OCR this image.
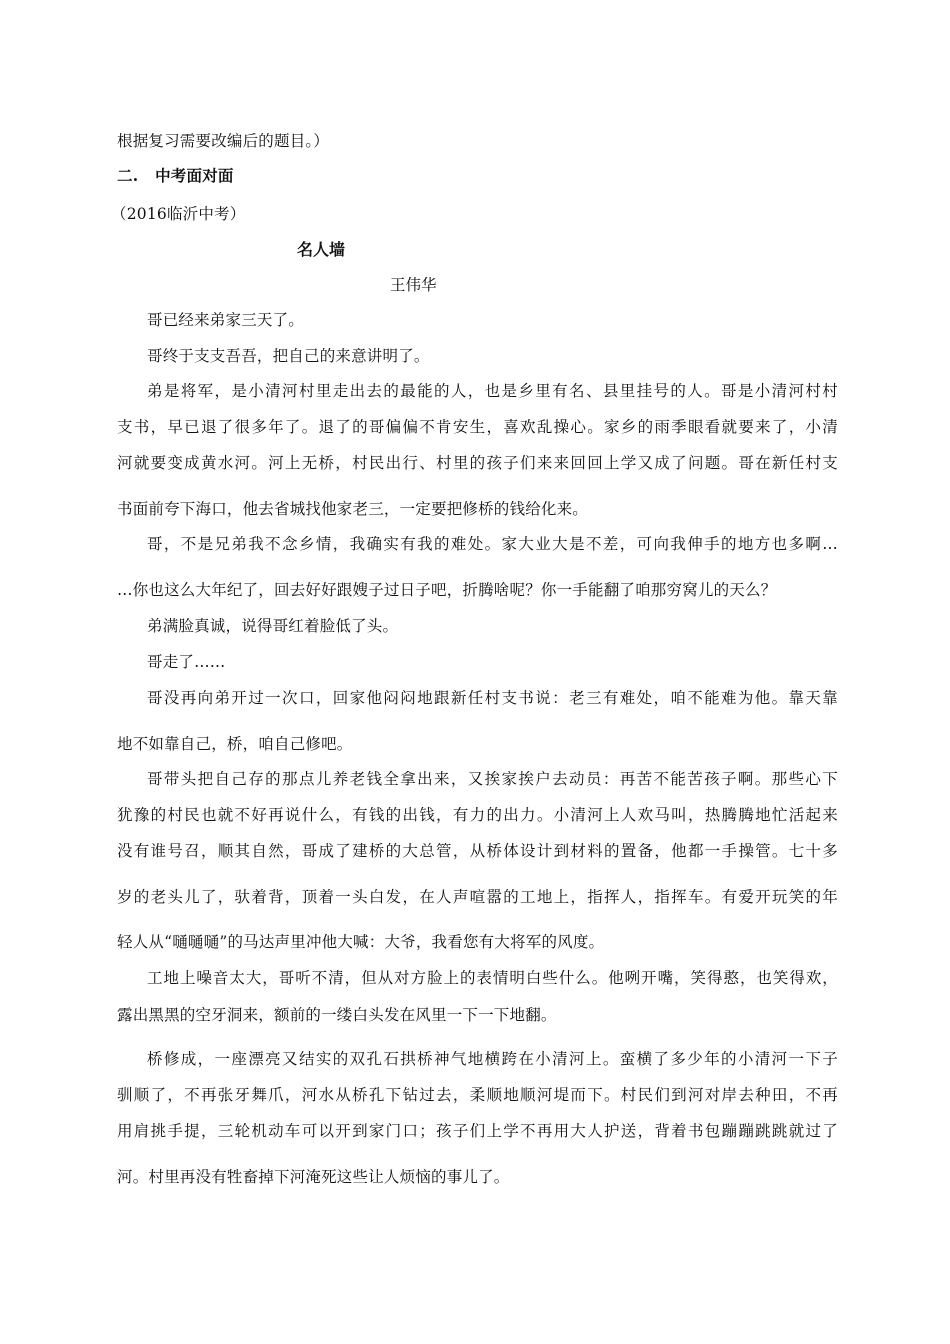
根据复习需要改编后的题目。）
二. 中考面对面
（2016临沂中考）
名人墙
王伟华
哥已经来弟家三天了。
哥终于支支吾吾，把自己的来意讲明了。
弟是将军，是小清河村里走出去的最能的人，也是乡里有名、县里挂号的人。哥是小清河村村
支书，早已退了很多年了。退了的哥偏偏不肯安生，喜欢乱操心。家乡的雨季眼看就要来了，小清
河就要变成黄水河。河上无桥，村民出行、村里的孩子们来来回回上学又成了问题。哥在新任村支
书面前夸下海口，他去省城找他家老三，一定要把修桥的钱给化来。
哥，不是兄弟我不念乡情，我确实有我的难处。家大业大是不差，可向我伸手的地方也多啊…
…你也这么大年纪了，回去好好跟嫂子过日子吧，折腾啥呢？你一手能翻了咱那穷窝儿的天么？
弟满脸真诚，说得哥红着脸低了头。
哥走了……
哥没再向弟开过一次口，回家他闷闷地跟新任村支书说：老三有难处，咱不能难为他。靠天靠
地不如靠自己，桥，咱自己修吧。
哥带头把自己存的那点儿养老钱全拿出来，又挨家挨户去动员：再苦不能苦孩子啊。那些心下
犹豫的村民也就不好再说什么，有钱的出钱，有力的出力。小清河上人欢马叫，热腾腾地忙活起来
没有谁号召，顺其自然，哥成了建桥的大总管，从桥体设计到材料的置备，他都一手操管。七十多
岁的老头儿了，驮着背，顶着一头白发，在人声喧嚣的工地上，指挥人，指挥车。有爱开玩笑的年
轻人从“嗵嗵嗵”的马达声里冲他大喊：大爷，我看您有大将军的风度。
工地上噪音太大，哥听不清，但从对方脸上的表情明白些什么。他咧开嘴，笑得憨，也笑得欢，
露出黑黑的空牙洞来，额前的一缕白头发在风里一下一下地翻。
桥修成，一座漂亮又结实的双孔石拱桥神气地横跨在小清河上。蛮横了多少年的小清河一下子
驯顺了，不再张牙舞爪，河水从桥孔下钻过去，柔顺地顺河堤而下。村民们到河对岸去种田，不再
用肩挑手提，三轮机动车可以开到家门口；孩子们上学不再用大人护送，背着书包蹦蹦跳跳就过了
河。村里再没有牲畜掉下河淹死这些让人烦恼的事儿了。
